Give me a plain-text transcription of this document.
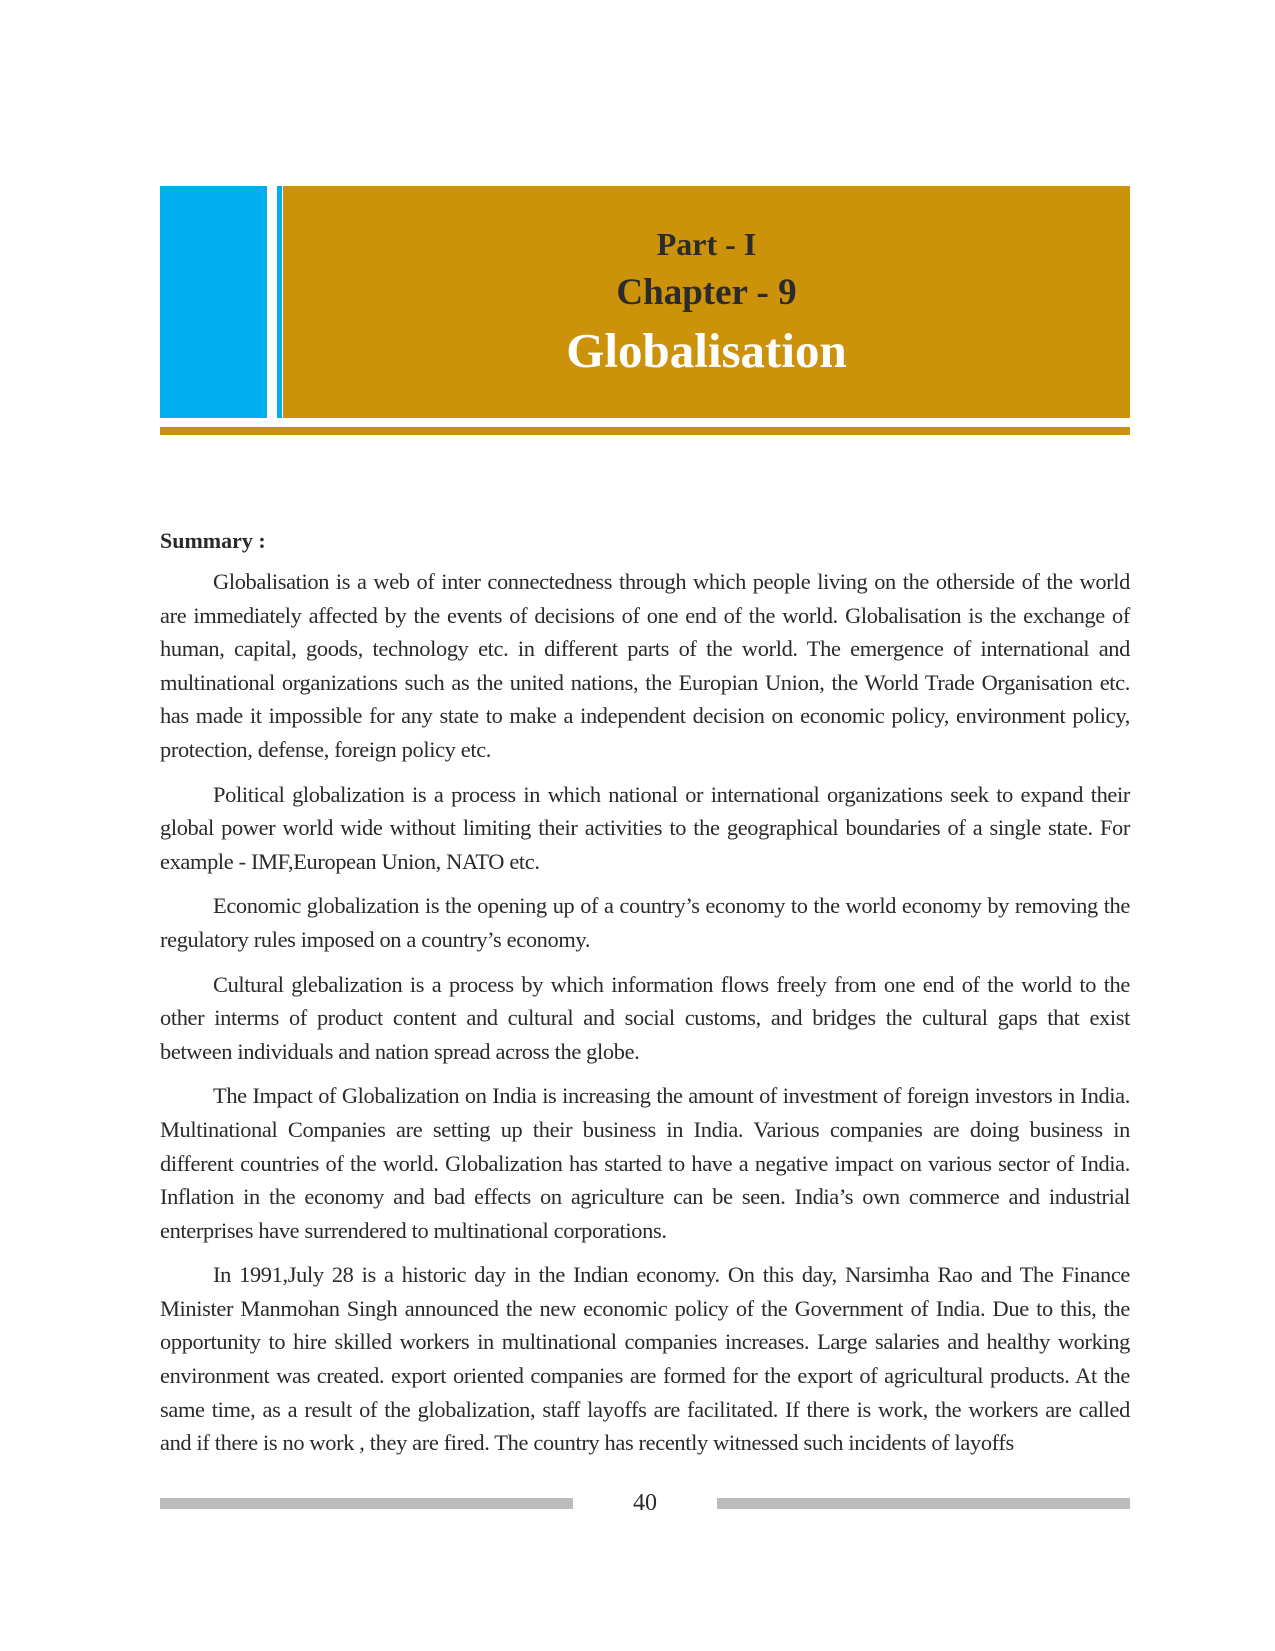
Part - I
Chapter - 9
Globalisation
Summary :

Globalisation is a web of inter connectedness through which people living on the otherside of the world are immediately affected by the events of decisions of one end of the world. Globalisation is the exchange of human, capital, goods, technology etc. in different parts of the world. The emergence of international and multinational organizations such as the united nations, the Europian Union, the World Trade Organisation etc. has made it impossible for any state to make a independent decision on economic policy, environment policy, protection, defense, foreign policy etc.

Political globalization is a process in which national or international organizations seek to expand their global power world wide without limiting their activities to the geographical boundaries of a single state. For example - IMF,European Union, NATO etc.

Economic globalization is the opening up of a country’s economy to the world economy by removing the regulatory rules imposed on a country’s economy.

Cultural glebalization is a process by which information flows freely from one end of the world to the other interms of product content and cultural and social customs, and bridges the cultural gaps that exist between individuals and nation spread across the globe.

The Impact of Globalization on India is increasing the amount of investment of foreign investors in India. Multinational Companies are setting up their business in India. Various companies are doing business in different countries of the world. Globalization has started to have a negative impact on various sector of India. Inflation in the economy and bad effects on agriculture can be seen. India’s own commerce and industrial enterprises have surrendered to multinational corporations.

In 1991,July 28 is a historic day in the Indian economy. On this day, Narsimha Rao and The Finance Minister Manmohan Singh announced the new economic policy of the Government of India. Due to this, the opportunity to hire skilled workers in multinational companies increases. Large salaries and healthy working environment was created. export oriented companies are formed for the export of agricultural products. At the same time, as a result of the globalization, staff layoffs are facilitated. If there is work, the workers are called and if there is no work , they are fired. The country has recently witnessed such incidents of layoffs

40
